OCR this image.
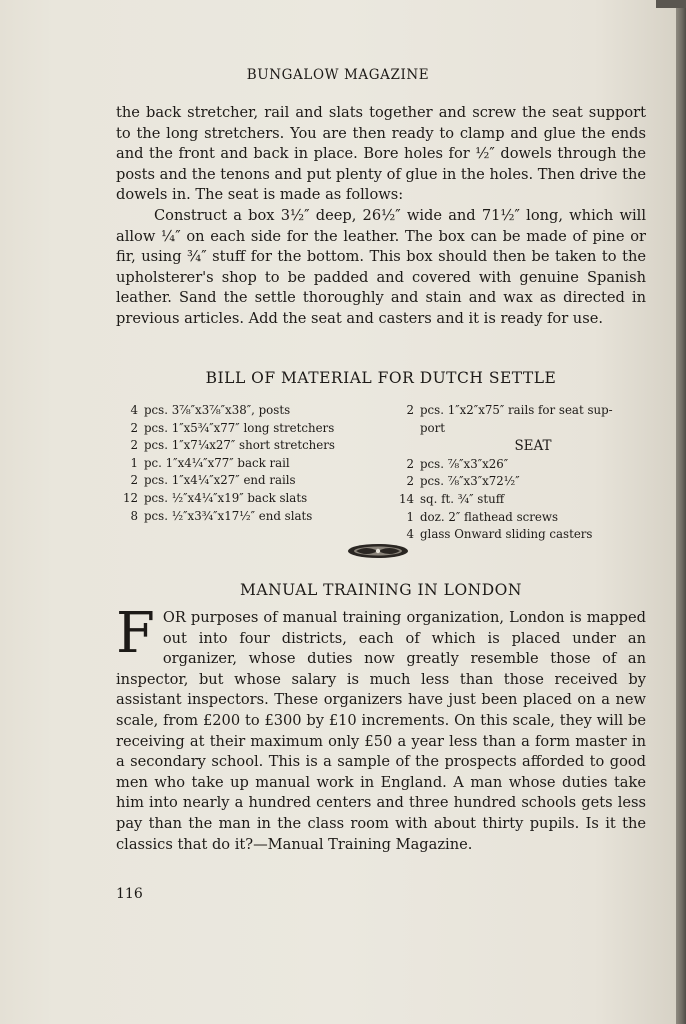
BUNGALOW MAGAZINE

the back stretcher, rail and slats together and screw the seat support to the long stretchers. You are then ready to clamp and glue the ends and the front and back in place. Bore holes for ½″ dowels through the posts and the tenons and put plenty of glue in the holes. Then drive the dowels in. The seat is made as follows:

Construct a box 3½″ deep, 26½″ wide and 71½″ long, which will allow ¼″ on each side for the leather. The box can be made of pine or fir, using ¾″ stuff for the bottom. This box should then be taken to the upholsterer's shop to be padded and covered with genuine Spanish leather. Sand the settle thoroughly and stain and wax as directed in previous articles. Add the seat and casters and it is ready for use.

BILL OF MATERIAL FOR DUTCH SETTLE
4 pcs. 3⅞″x3⅞″x38″, posts
2 pcs. 1″x5¾″x77″ long stretchers
2 pcs. 1″x7¼x27″ short stretchers
1 pc. 1″x4¼″x77″ back rail
2 pcs. 1″x4¼″x27″ end rails
12 pcs. ½″x4¼″x19″ back slats
8 pcs. ½″x3¾″x17½″ end slats
2 pcs. 1″x2″x75″ rails for seat sup-
port
SEAT
2 pcs. ⅞″x3″x26″
2 pcs. ⅞″x3″x72½″
14 sq. ft. ¾″ stuff
1 doz. 2″ flathead screws
4 glass Onward sliding casters
MANUAL TRAINING IN LONDON
FOR purposes of manual training organization, London is mapped out into four districts, each of which is placed under an organizer, whose duties now greatly resemble those of an inspector, but whose salary is much less than those received by assistant inspectors. These organizers have just been placed on a new scale, from £200 to £300 by £10 increments. On this scale, they will be receiving at their maximum only £50 a year less than a form master in a secondary school. This is a sample of the prospects afforded to good men who take up manual work in England. A man whose duties take him into nearly a hundred centers and three hundred schools gets less pay than the man in the class room with about thirty pupils. Is it the classics that do it?—Manual Training Magazine.
116
